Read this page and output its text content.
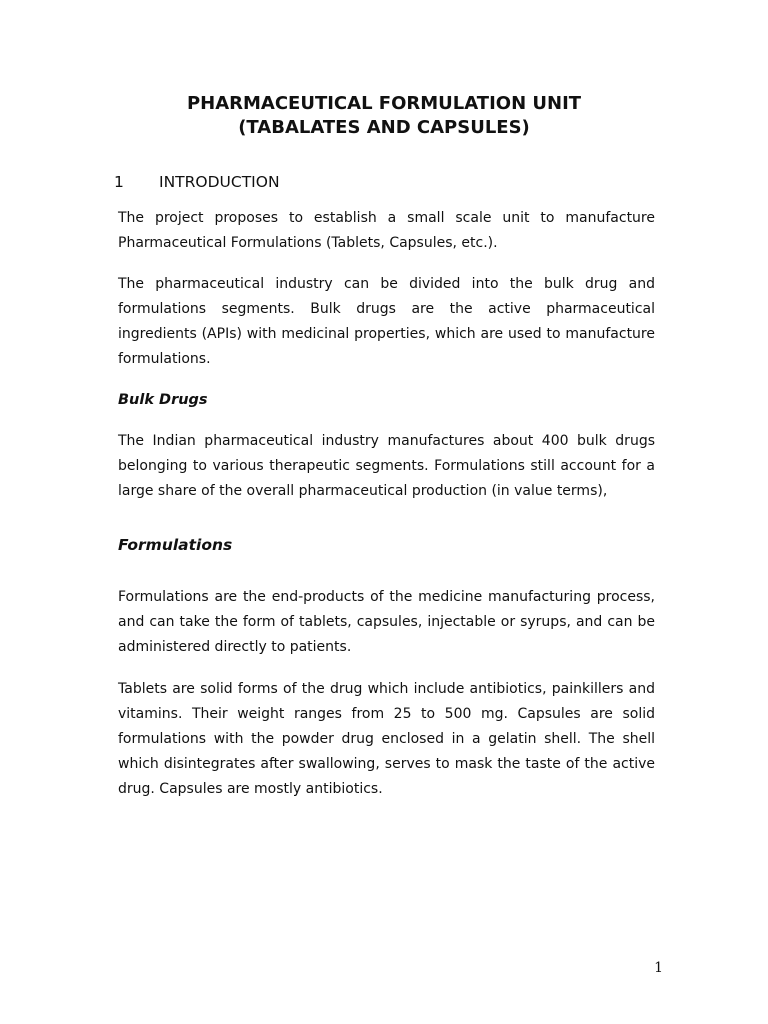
PHARMACEUTICAL FORMULATION UNIT
(TABALATES AND CAPSULES)
1 INTRODUCTION

The project proposes to establish a small scale unit to manufacture Pharmaceutical Formulations (Tablets, Capsules, etc.).

The pharmaceutical industry can be divided into the bulk drug and formulations segments. Bulk drugs are the active pharmaceutical ingredients (APIs) with medicinal properties, which are used to manufacture formulations.

Bulk Drugs

The Indian pharmaceutical industry manufactures about 400 bulk drugs belonging to various therapeutic segments. Formulations still account for a large share of the overall pharmaceutical production (in value terms),

Formulations

Formulations are the end-products of the medicine manufacturing process, and can take the form of tablets, capsules, injectable or syrups, and can be administered directly to patients.

Tablets are solid forms of the drug which include antibiotics, painkillers and vitamins. Their weight ranges from 25 to 500 mg. Capsules are solid formulations with the powder drug enclosed in a gelatin shell. The shell which disintegrates after swallowing, serves to mask the taste of the active drug. Capsules are mostly antibiotics.

1
